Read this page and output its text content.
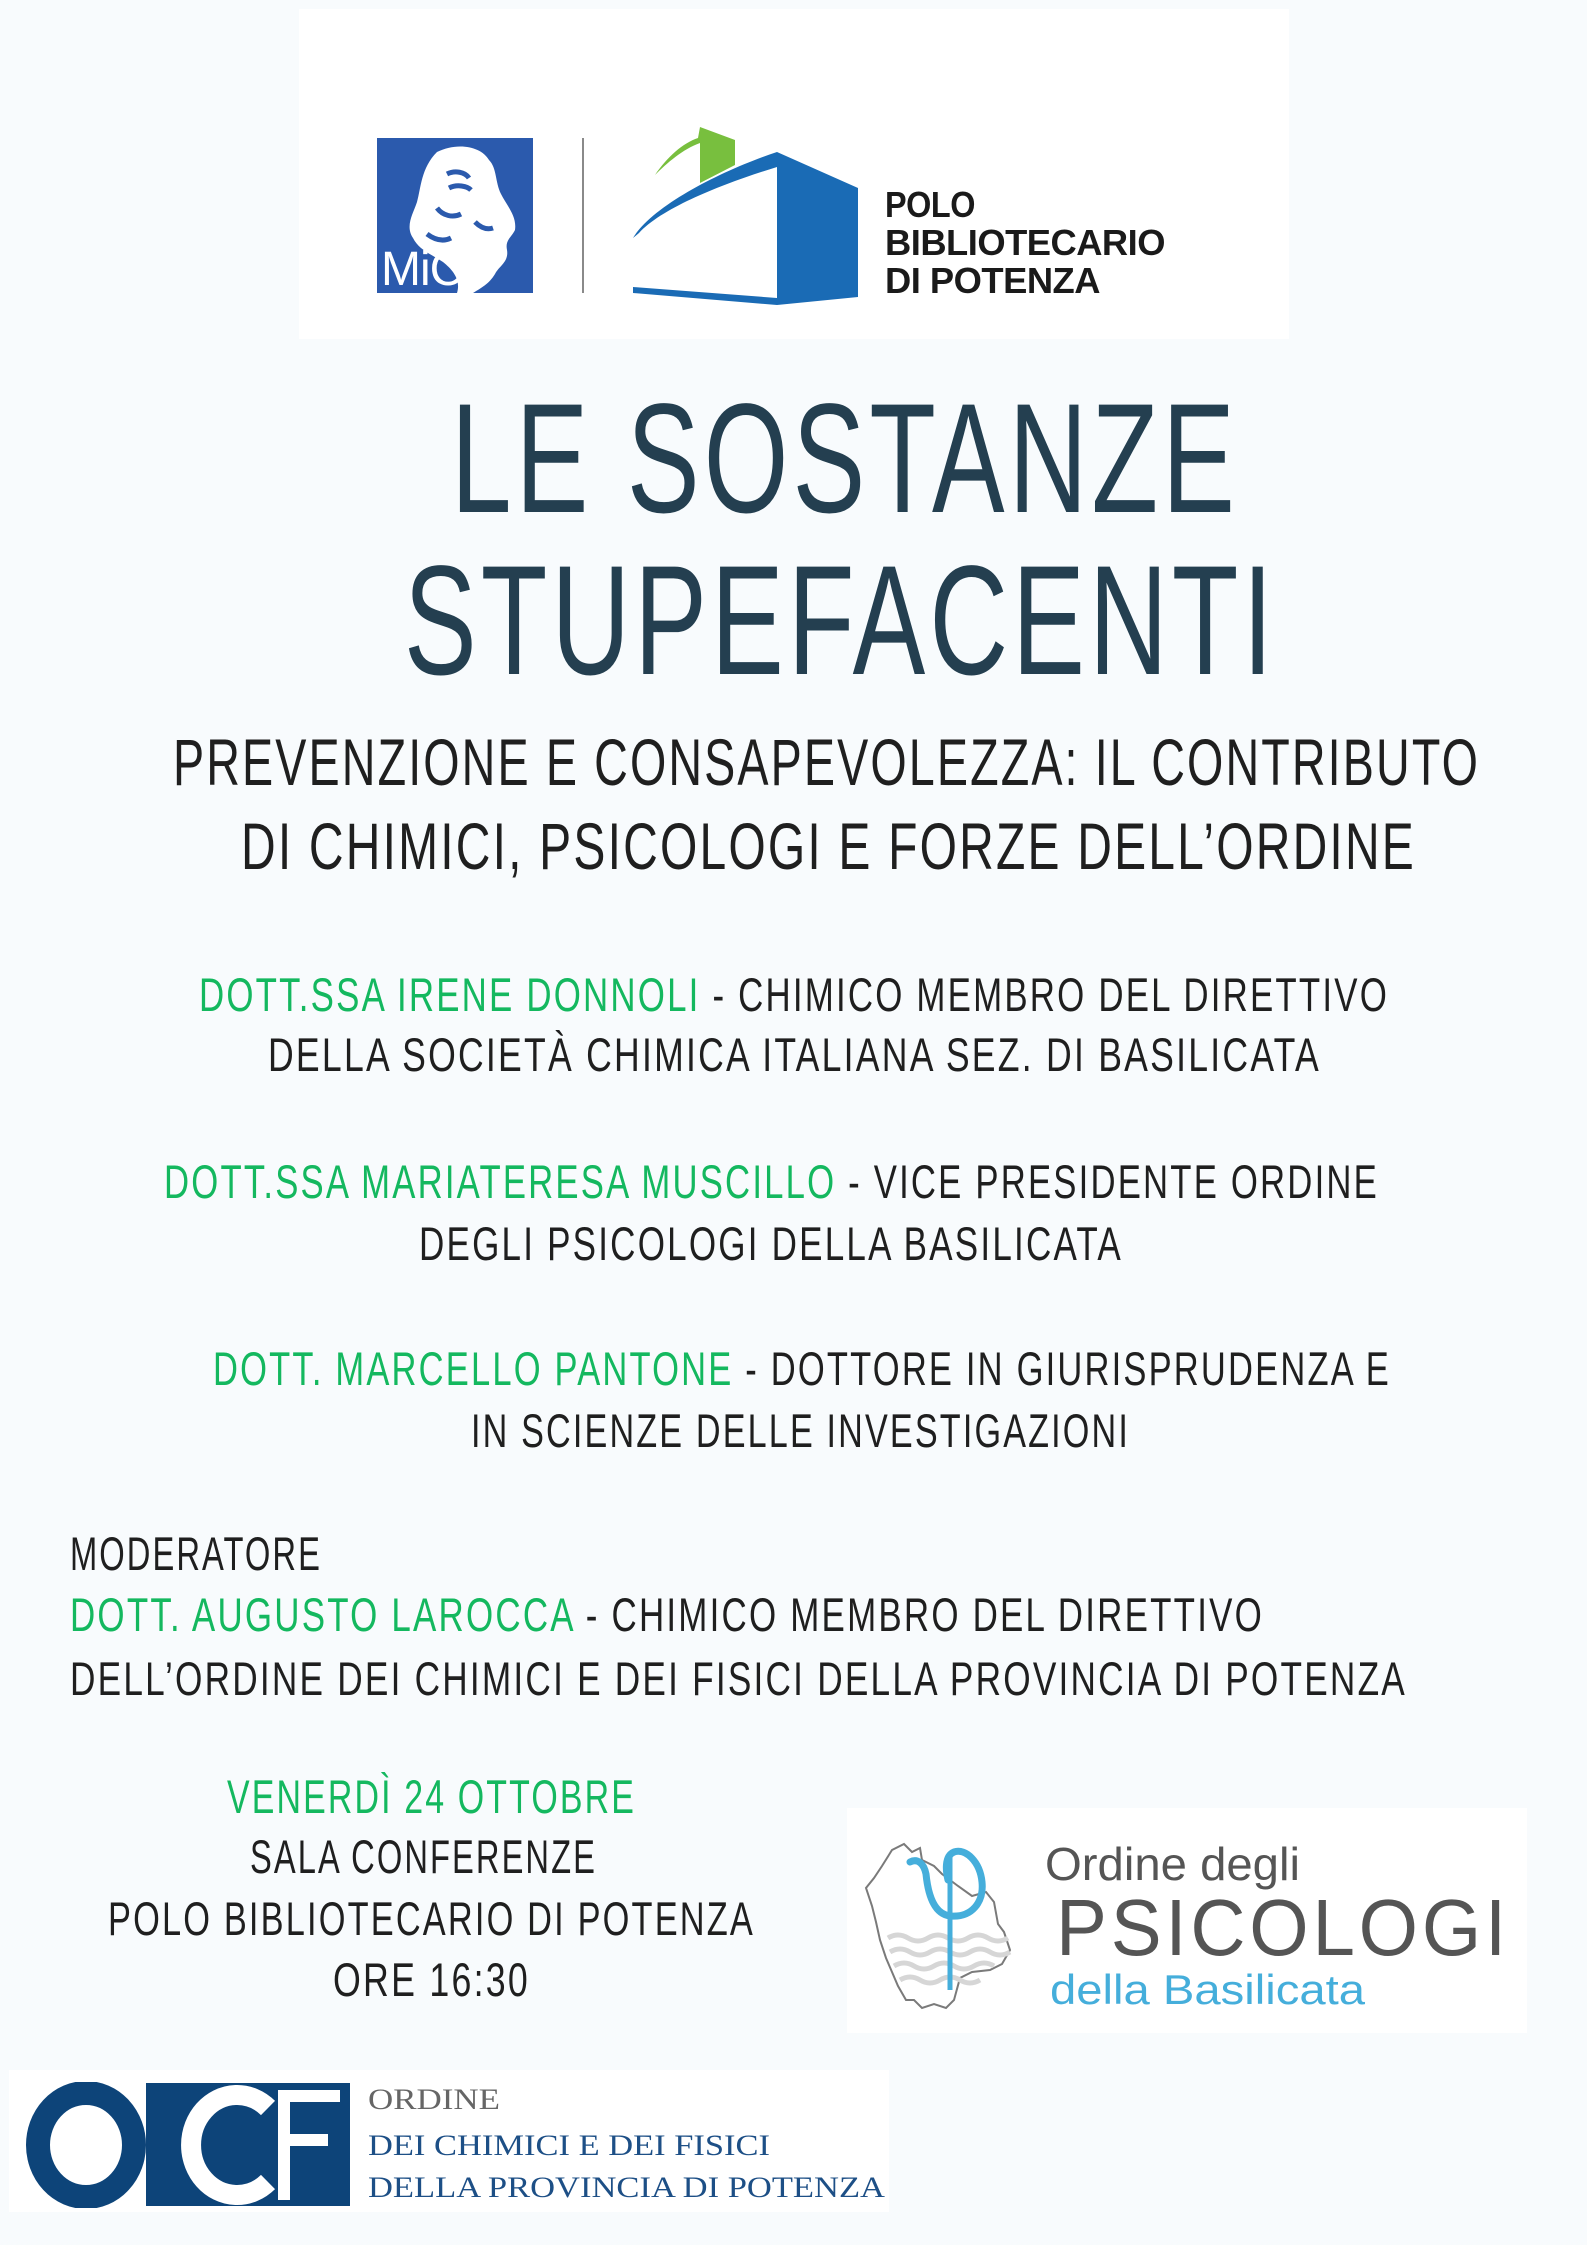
MiC
POLO
BIBLIOTECARIO
DI POTENZA
LE SOSTANZE
STUPEFACENTI
PREVENZIONE E CONSAPEVOLEZZA: IL CONTRIBUTO
DI CHIMICI, PSICOLOGI E FORZE DELL’ORDINE
DOTT.SSA IRENE DONNOLI - CHIMICO MEMBRO DEL DIRETTIVO
DELLA SOCIETÀ CHIMICA ITALIANA SEZ. DI BASILICATA
DOTT.SSA MARIATERESA MUSCILLO - VICE PRESIDENTE ORDINE
DEGLI PSICOLOGI DELLA BASILICATA
DOTT. MARCELLO PANTONE - DOTTORE IN GIURISPRUDENZA E
IN SCIENZE DELLE INVESTIGAZIONI
MODERATORE
DOTT. AUGUSTO LAROCCA - CHIMICO MEMBRO DEL DIRETTIVO
DELL’ORDINE DEI CHIMICI E DEI FISICI DELLA PROVINCIA DI POTENZA
VENERDÌ 24 OTTOBRE
SALA CONFERENZE
POLO BIBLIOTECARIO DI POTENZA
ORE 16:30
Ordine degli
PSICOLOGI
della Basilicata
ORDINE
DEI CHIMICI E DEI FISICI
DELLA PROVINCIA DI POTENZA
